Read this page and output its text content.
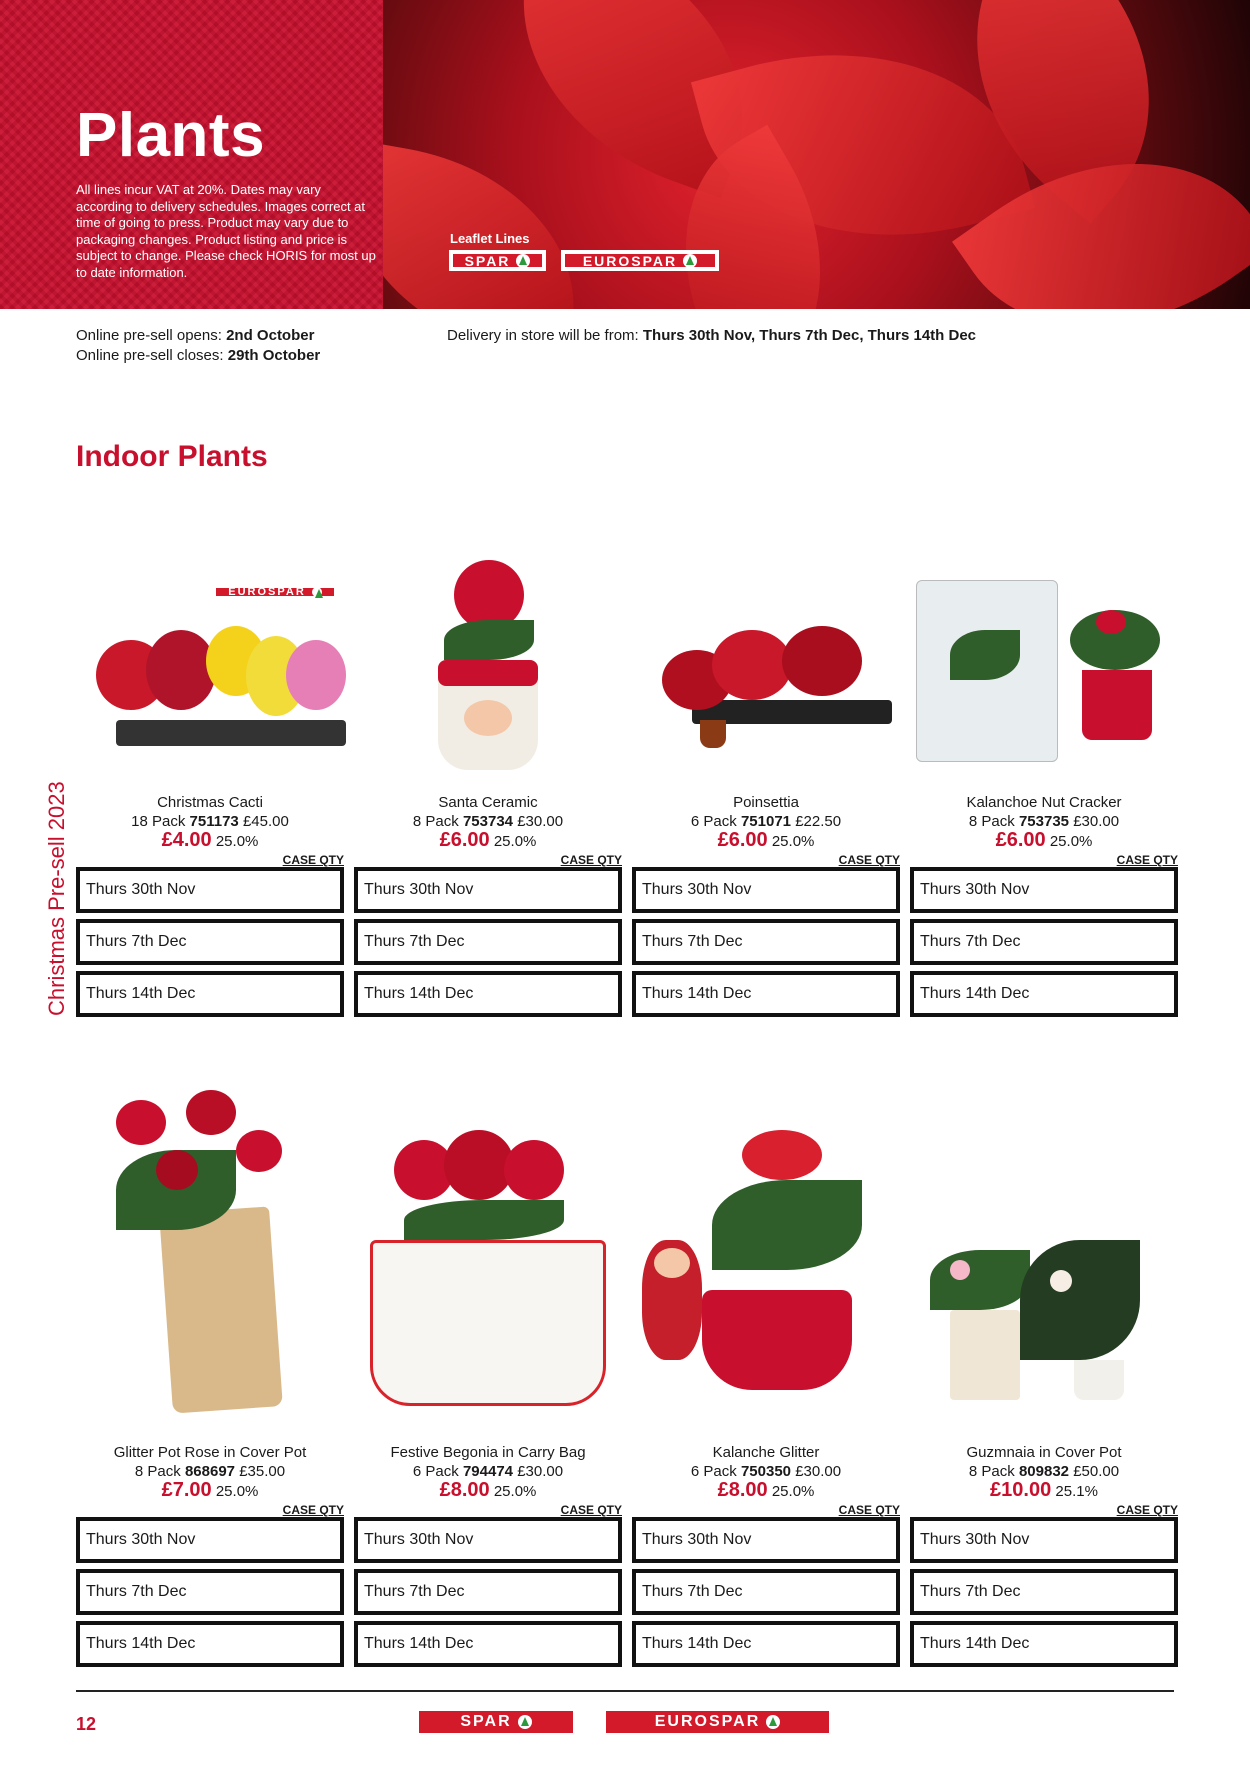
Plants
All lines incur VAT at 20%. Dates may vary according to delivery schedules. Images correct at time of going to press. Product may vary due to packaging changes. Product listing and price is subject to change. Please check HORIS for most up to date information.
Leaflet Lines
SPAR	EUROSPAR
Online pre-sell opens: 2nd October
Online pre-sell closes: 29th October
Delivery in store will be from: Thurs 30th Nov, Thurs 7th Dec, Thurs 14th Dec
Indoor Plants
Christmas Pre-sell 2023
EUROSPAR
Christmas Cacti
18 Pack 751173 £45.00
£4.00 25.0%
CASE QTY
Thurs 30th Nov
Thurs 7th Dec
Thurs 14th Dec
Santa Ceramic
8 Pack 753734 £30.00
£6.00 25.0%
CASE QTY
Thurs 30th Nov
Thurs 7th Dec
Thurs 14th Dec
Poinsettia
6 Pack 751071 £22.50
£6.00 25.0%
CASE QTY
Thurs 30th Nov
Thurs 7th Dec
Thurs 14th Dec
Kalanchoe Nut Cracker
8 Pack 753735 £30.00
£6.00 25.0%
CASE QTY
Thurs 30th Nov
Thurs 7th Dec
Thurs 14th Dec
Glitter Pot Rose in Cover Pot
8 Pack 868697 £35.00
£7.00 25.0%
CASE QTY
Thurs 30th Nov
Thurs 7th Dec
Thurs 14th Dec
Festive Begonia in Carry Bag
6 Pack 794474 £30.00
£8.00 25.0%
CASE QTY
Thurs 30th Nov
Thurs 7th Dec
Thurs 14th Dec
Kalanche Glitter
6 Pack 750350 £30.00
£8.00 25.0%
CASE QTY
Thurs 30th Nov
Thurs 7th Dec
Thurs 14th Dec
Guzmnaia in Cover Pot
8 Pack 809832 £50.00
£10.00 25.1%
CASE QTY
Thurs 30th Nov
Thurs 7th Dec
Thurs 14th Dec
12	SPAR	EUROSPAR
